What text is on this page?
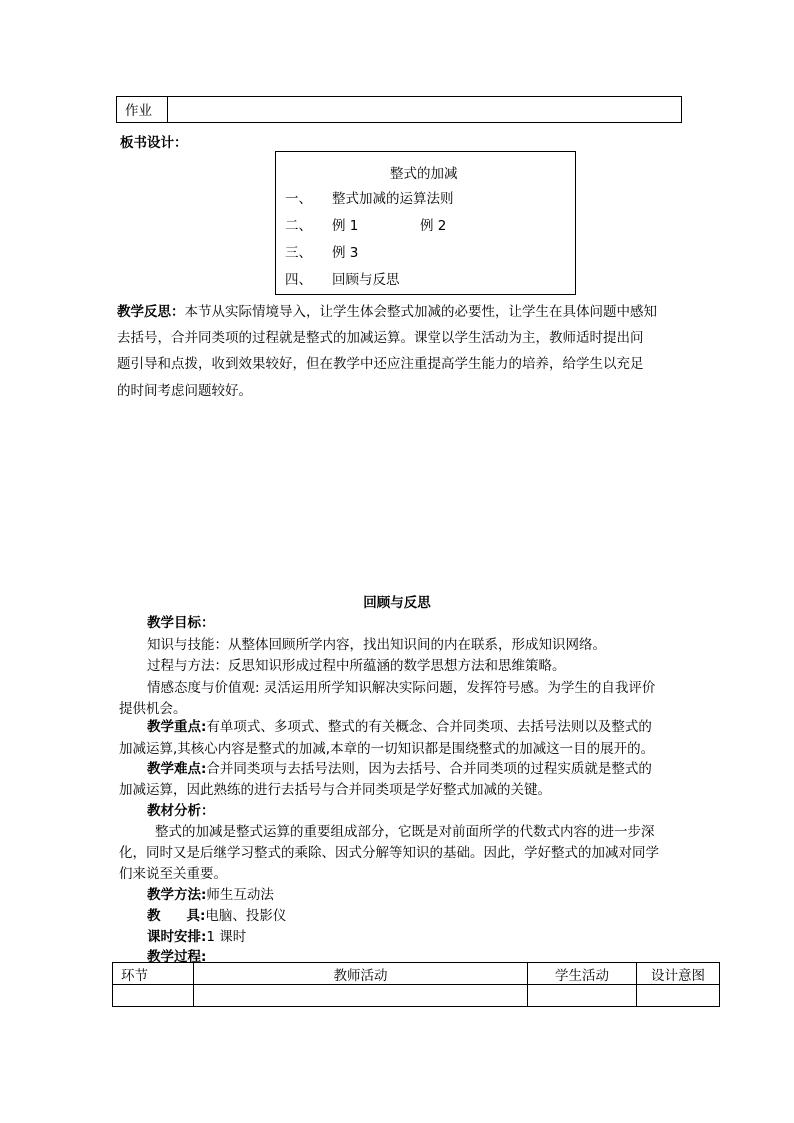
作业
板书设计：
整式的加减
一、 整式加减的运算法则
二、 例 1	例 2
三、 例 3
四、 回顾与反思
教学反思：本节从实际情境导入，让学生体会整式加减的必要性，让学生在具体问题中感知
去括号，合并同类项的过程就是整式的加减运算。课堂以学生活动为主，教师适时提出问
题引导和点拨，收到效果较好，但在教学中还应注重提高学生能力的培养，给学生以充足
的时间考虑问题较好。
回顾与反思
教学目标：
知识与技能：从整体回顾所学内容，找出知识间的内在联系，形成知识网络。
过程与方法：反思知识形成过程中所蕴涵的数学思想方法和思维策略。
情感态度与价值观: 灵活运用所学知识解决实际问题，发挥符号感。为学生的自我评价
提供机会。
教学重点:有单项式、多项式、整式的有关概念、合并同类项、去括号法则以及整式的
加减运算,其核心内容是整式的加减,本章的一切知识都是围绕整式的加减这一目的展开的。
教学难点:合并同类项与去括号法则，因为去括号、合并同类项的过程实质就是整式的
加减运算，因此熟练的进行去括号与合并同类项是学好整式加减的关键。
教材分析：
整式的加减是整式运算的重要组成部分，它既是对前面所学的代数式内容的进一步深
化，同时又是后继学习整式的乘除、因式分解等知识的基础。因此，学好整式的加减对同学
们来说至关重要。
教学方法:师生互动法
教 具:电脑、投影仪
课时安排:1 课时
教学过程:
环节	教师活动	学生活动	设计意图
